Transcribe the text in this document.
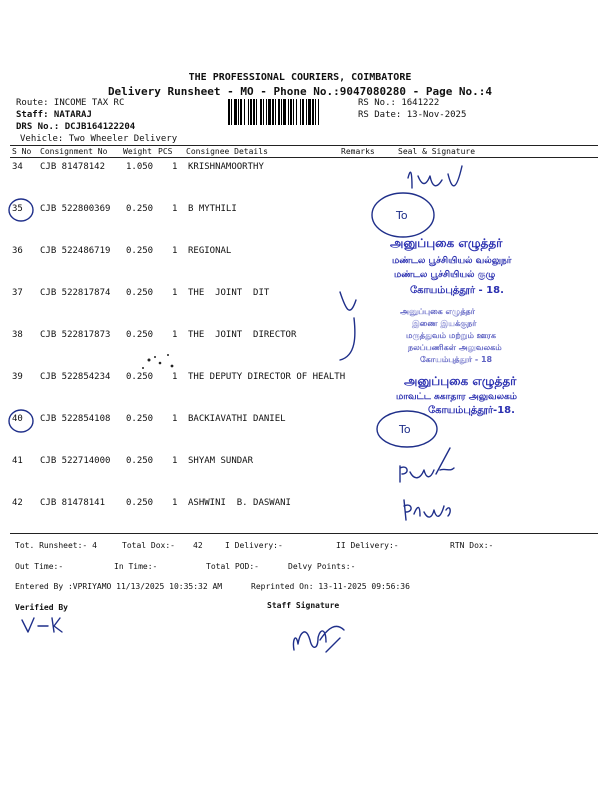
THE PROFESSIONAL COURIERS, COIMBATORE
Delivery Runsheet - MO - Phone No.:9047080280 - Page No.:4
Route: INCOME TAX RC
Staff: NATARAJ
DRS No.: DCJB164122204
Vehicle: Two Wheeler Delivery
RS No.: 1641222
RS Date: 13-Nov-2025
S No Consignment No Weight PCS Consignee Details	Remarks	Seal & Signature
34 CJB 81478142 1.050 1 KRISHNAMOORTHY
35 CJB 522800369 0.250 1 B MYTHILI
36 CJB 522486719 0.250 1 REGIONAL
37 CJB 522817874 0.250 1 THE  JOINT  DIT
38 CJB 522817873 0.250 1 THE  JOINT  DIRECTOR
39 CJB 522854234 0.250 1 THE DEPUTY DIRECTOR OF HEALTH
40 CJB 522854108 0.250 1 BACKIAVATHI DANIEL
41 CJB 522714000 0.250 1 SHYAM SUNDAR
42 CJB 81478141 0.250 1 ASHWINI  B. DASWANI
Tot. Runsheet:- 4	Total Dox:- 42	I Delivery:-	II Delivery:-	RTN Dox:-
Out Time:-	In Time:-	Total POD:-	Delvy Points:-
Entered By :VPRIYAMO 11/13/2025 10:35:32 AM	Reprinted On: 13-11-2025 09:56:36
Verified By	Staff Signature
To
To
அனுப்புகை எழுத்தர்
மண்டல பூச்சியியல் வல்லுநர்
மண்டல பூச்சியியல் குழு
கோயம்புத்தூர் - 18.
அனுப்புகை எழுத்தர்
இணை இயக்குநர்
மருத்துவம் மற்றும் ஊரக
நலப்பணிகள் அலுவலகம்
கோயம்புத்தூர் - 18
அனுப்புகை எழுத்தர்
மாவட்ட சுகாதார அலுவலகம்
கோயம்புத்தூர்-18.
